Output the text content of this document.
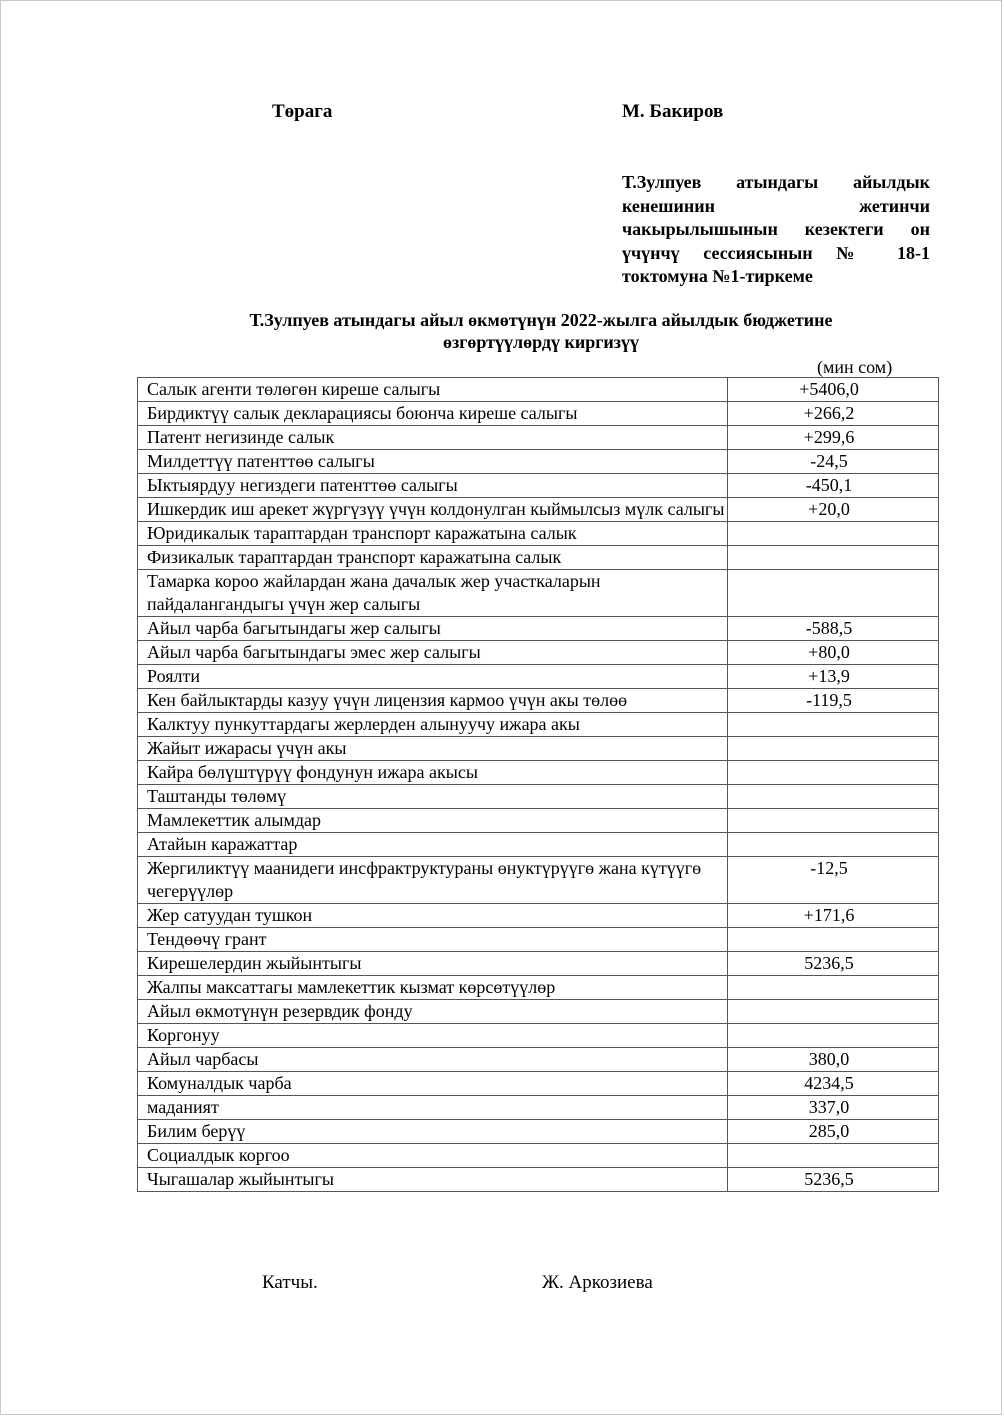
Төрага	М. Бакиров
Т.Зулпуев атындагы айылдык кенешинин жетинчи чакырылышынын кезектеги он үчүнчү сессиясынын № 18-1 токтомуна №1-тиркеме
Т.Зулпуев атындагы айыл өкмөтүнүн 2022-жылга айылдык бюджетине
өзгөртүүлөрдү киргизүү
(мин сом)
Салык агенти төлөгөн киреше салыгы	+5406,0
Бирдиктүү салык декларациясы боюнча киреше салыгы	+266,2
Патент негизинде салык	+299,6
Милдеттүү патенттөө салыгы	-24,5
Ыктыярдуу негиздеги патенттөө салыгы	-450,1
Ишкердик иш арекет жүргүзүү үчүн колдонулган кыймылсыз мүлк салыгы	+20,0
Юридикалык тараптардан транспорт каражатына салык	
Физикалык тараптардан транспорт каражатына салык	
Тамарка короо жайлардан жана дачалык жер участкаларын пайдалангандыгы үчүн жер салыгы	
Айыл чарба багытындагы жер салыгы	-588,5
Айыл чарба багытындагы эмес жер салыгы	+80,0
Роялти	+13,9
Кен байлыктарды казуу үчүн лицензия кармоо үчүн акы төлөө	-119,5
Калктуу пункуттардагы жерлерден алынуучу ижара акы	
Жайыт ижарасы үчүн акы	
Кайра бөлүштүрүү фондунун ижара акысы	
Таштанды төлөмү	
Мамлекеттик алымдар	
Атайын каражаттар	
Жергиликтүү маанидеги инсфрактруктураны өнуктүрүүгө жана күтүүгө чегерүүлөр	-12,5
Жер сатуудан тушкон	+171,6
Тендөөчү грант	
Кирешелердин жыйынтыгы	5236,5
Жалпы максаттагы мамлекеттик кызмат көрсөтүүлөр	
Айыл өкмотүнүн резервдик фонду	
Коргонуу	
Айыл чарбасы	380,0
Комуналдык чарба	4234,5
маданият	337,0
Билим берүү	285,0
Социалдык коргоо	
Чыгашалар жыйынтыгы	5236,5
Катчы.	Ж. Аркозиева
